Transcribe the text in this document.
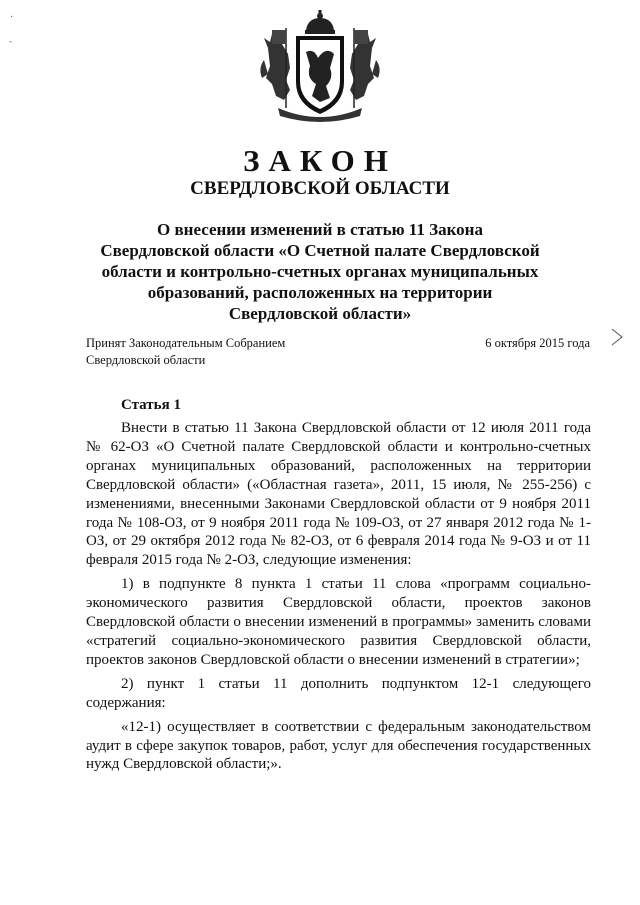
·
-
ЗАКОН
СВЕРДЛОВСКОЙ ОБЛАСТИ
О внесении изменений в статью 11 Закона
Свердловской области «О Счетной палате Свердловской
области и контрольно-счетных органах муниципальных
образований, расположенных на территории
Свердловской области»
Принят Законодательным Собранием
Свердловской области
6 октября 2015 года
Статья 1

Внести в статью 11 Закона Свердловской области от 12 июля 2011 года № 62-ОЗ «О Счетной палате Свердловской области и контрольно-счетных органах муниципальных образований, расположенных на территории Свердловской области» («Областная газета», 2011, 15 июля, № 255-256) с изменениями, внесенными Законами Свердловской области от 9 ноября 2011 года № 108-ОЗ, от 9 ноября 2011 года № 109-ОЗ, от 27 января 2012 года № 1-ОЗ, от 29 октября 2012 года № 82-ОЗ, от 6 февраля 2014 года № 9-ОЗ и от 11 февраля 2015 года № 2-ОЗ, следующие изменения:

1) в подпункте 8 пункта 1 статьи 11 слова «программ социально-экономического развития Свердловской области, проектов законов Свердловской области о внесении изменений в программы» заменить словами «стратегий социально-экономического развития Свердловской области, проектов законов Свердловской области о внесении изменений в стратегии»;

2) пункт 1 статьи 11 дополнить подпунктом 12-1 следующего содержания:

«12-1) осуществляет в соответствии с федеральным законодательством аудит в сфере закупок товаров, работ, услуг для обеспечения государственных нужд Свердловской области;».
